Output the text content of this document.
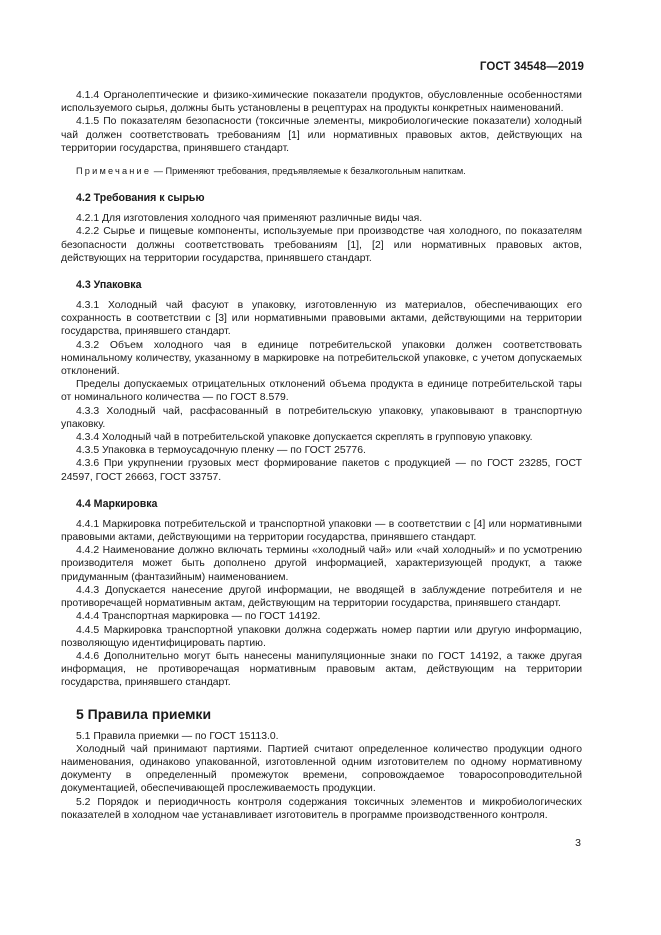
ГОСТ 34548—2019

4.1.4 Органолептические и физико-химические показатели продуктов, обусловленные особенностями используемого сырья, должны быть установлены в рецептурах на продукты конкретных наименований.

4.1.5 По показателям безопасности (токсичные элементы, микробиологические показатели) холодный чай должен соответствовать требованиям [1] или нормативных правовых актов, действующих на территории государства, принявшего стандарт.

Примечание — Применяют требования, предъявляемые к безалкогольным напиткам.

4.2 Требования к сырью

4.2.1 Для изготовления холодного чая применяют различные виды чая.

4.2.2 Сырье и пищевые компоненты, используемые при производстве чая холодного, по показателям безопасности должны соответствовать требованиям [1], [2] или нормативных правовых актов, действующих на территории государства, принявшего стандарт.

4.3 Упаковка

4.3.1 Холодный чай фасуют в упаковку, изготовленную из материалов, обеспечивающих его сохранность в соответствии с [3] или нормативными правовыми актами, действующими на территории государства, принявшего стандарт.

4.3.2 Объем холодного чая в единице потребительской упаковки должен соответствовать номинальному количеству, указанному в маркировке на потребительской упаковке, с учетом допускаемых отклонений.

Пределы допускаемых отрицательных отклонений объема продукта в единице потребительской тары от номинального количества — по ГОСТ 8.579.

4.3.3 Холодный чай, расфасованный в потребительскую упаковку, упаковывают в транспортную упаковку.

4.3.4 Холодный чай в потребительской упаковке допускается скреплять в групповую упаковку.

4.3.5 Упаковка в термоусадочную пленку — по ГОСТ 25776.

4.3.6 При укрупнении грузовых мест формирование пакетов с продукцией — по ГОСТ 23285, ГОСТ 24597, ГОСТ 26663, ГОСТ 33757.

4.4 Маркировка

4.4.1 Маркировка потребительской и транспортной упаковки — в соответствии с [4] или нормативными правовыми актами, действующими на территории государства, принявшего стандарт.

4.4.2 Наименование должно включать термины «холодный чай» или «чай холодный» и по усмотрению производителя может быть дополнено другой информацией, характеризующей продукт, а также придуманным (фантазийным) наименованием.

4.4.3 Допускается нанесение другой информации, не вводящей в заблуждение потребителя и не противоречащей нормативным актам, действующим на территории государства, принявшего стандарт.

4.4.4 Транспортная маркировка — по ГОСТ 14192.

4.4.5 Маркировка транспортной упаковки должна содержать номер партии или другую информацию, позволяющую идентифицировать партию.

4.4.6 Дополнительно могут быть нанесены манипуляционные знаки по ГОСТ 14192, а также другая информация, не противоречащая нормативным правовым актам, действующим на территории государства, принявшего стандарт.

5 Правила приемки

5.1 Правила приемки — по ГОСТ 15113.0.

Холодный чай принимают партиями. Партией считают определенное количество продукции одного наименования, одинаково упакованной, изготовленной одним изготовителем по одному нормативному документу в определенный промежуток времени, сопровождаемое товаросопроводительной документацией, обеспечивающей прослеживаемость продукции.

5.2 Порядок и периодичность контроля содержания токсичных элементов и микробиологических показателей в холодном чае устанавливает изготовитель в программе производственного контроля.

3
